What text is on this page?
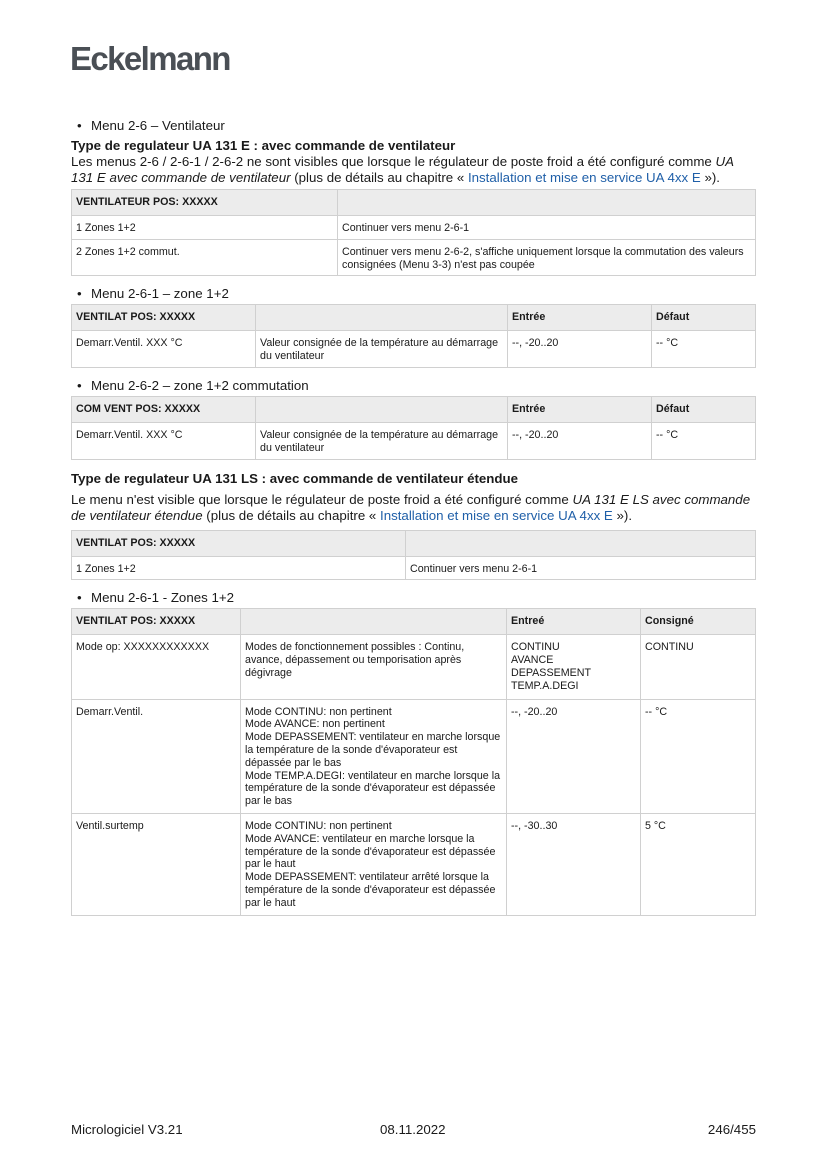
Eckelmann
• Menu 2-6 – Ventilateur
Type de regulateur UA 131 E : avec commande de ventilateur

Les menus 2-6 / 2-6-1 / 2-6-2 ne sont visibles que lorsque le régulateur de poste froid a été configuré comme UA 131 E avec commande de ventilateur (plus de détails au chapitre « Installation et mise en service UA 4xx E »).

VENTILATEUR POS: XXXXX	
1 Zones 1+2	Continuer vers menu 2-6-1
2 Zones 1+2 commut.	Continuer vers menu 2-6-2, s'affiche uniquement lorsque la commutation des valeurs consignées (Menu 3-3) n'est pas coupée
• Menu 2-6-1 – zone 1+2
VENTILAT POS: XXXXX		Entrée	Défaut
Demarr.Ventil. XXX °C	Valeur consignée de la température au démarrage du ventilateur	--, -20..20	-- °C
• Menu 2-6-2 – zone 1+2 commutation
COM VENT POS: XXXXX		Entrée	Défaut
Demarr.Ventil. XXX °C	Valeur consignée de la température au démarrage du ventilateur	--, -20..20	-- °C
Type de regulateur UA 131 LS : avec commande de ventilateur étendue

Le menu n'est visible que lorsque le régulateur de poste froid a été configuré comme UA 131 E LS avec commande de ventilateur étendue (plus de détails au chapitre « Installation et mise en service UA 4xx E »).

VENTILAT POS: XXXXX	
1 Zones 1+2	Continuer vers menu 2-6-1
• Menu 2-6-1 - Zones 1+2
VENTILAT POS: XXXXX		Entreé	Consigné
Mode op: XXXXXXXXXXXX	Modes de fonctionnement possibles : Continu, avance, dépassement ou temporisation après dégivrage	CONTINU
AVANCE
DEPASSEMENT
TEMP.A.DEGI	CONTINU
Demarr.Ventil.	Mode CONTINU: non pertinent
Mode AVANCE: non pertinent
Mode DEPASSEMENT: ventilateur en marche lorsque la température de la sonde d'évaporateur est dépassée par le bas
Mode TEMP.A.DEGI: ventilateur en marche lorsque la température de la sonde d'évaporateur est dépassée par le bas	--, -20..20	-- °C
Ventil.surtemp	Mode CONTINU: non pertinent
Mode AVANCE: ventilateur en marche lorsque la température de la sonde d'évaporateur est dépassée par le haut
Mode DEPASSEMENT: ventilateur arrêté lorsque la température de la sonde d'évaporateur est dépassée par le haut	--, -30..30	5 °C
Micrologiciel V3.21	08.11.2022	246/455
